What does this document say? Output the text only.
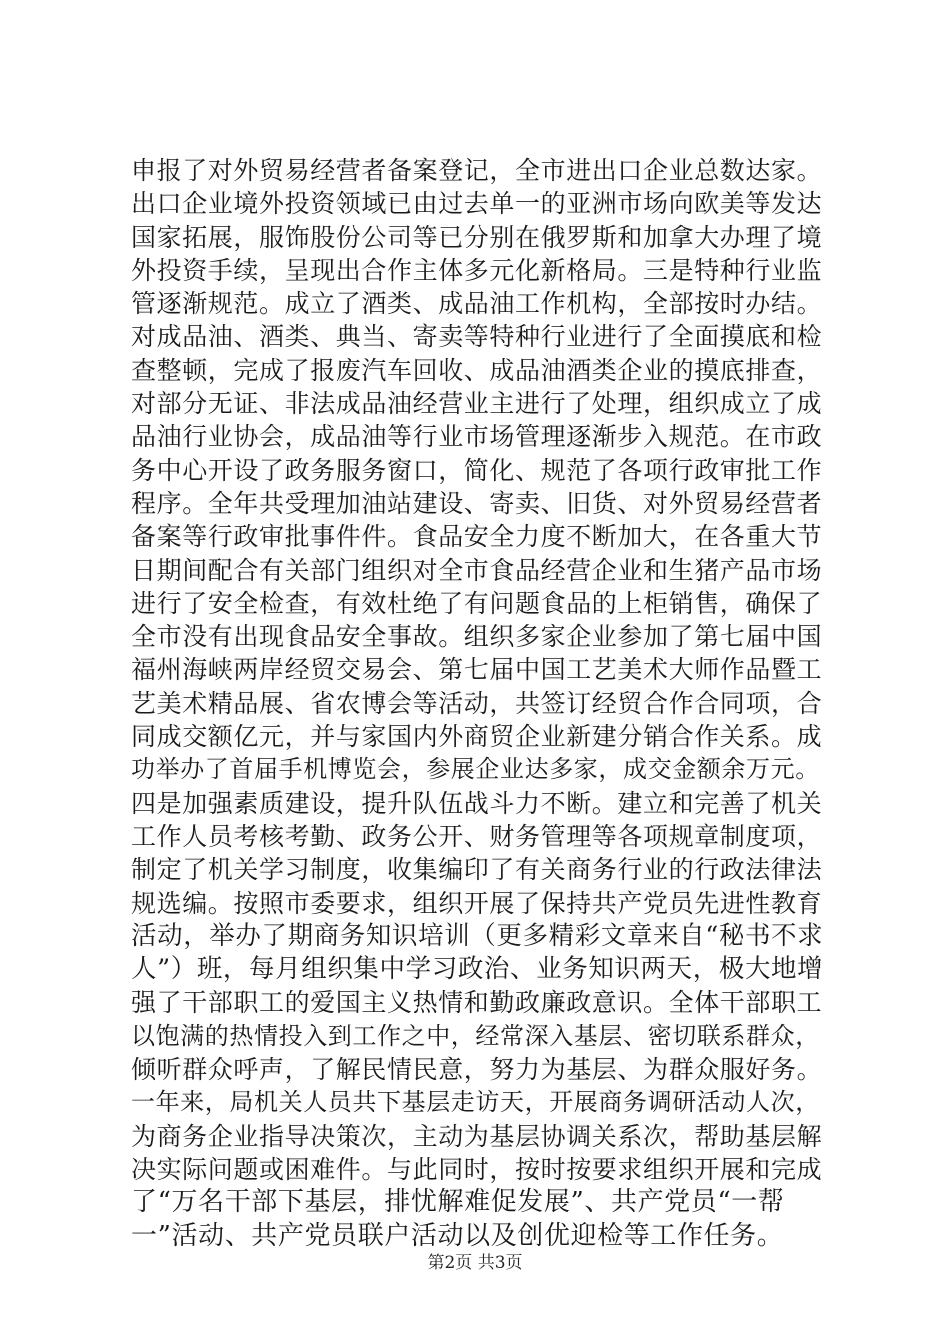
申报了对外贸易经营者备案登记，全市进出口企业总数达家。
出口企业境外投资领域已由过去单一的亚洲市场向欧美等发达
国家拓展，服饰股份公司等已分别在俄罗斯和加拿大办理了境
外投资手续，呈现出合作主体多元化新格局。三是特种行业监
管逐渐规范。成立了酒类、成品油工作机构，全部按时办结。
对成品油、酒类、典当、寄卖等特种行业进行了全面摸底和检
查整顿，完成了报废汽车回收、成品油酒类企业的摸底排查，
对部分无证、非法成品油经营业主进行了处理，组织成立了成
品油行业协会，成品油等行业市场管理逐渐步入规范。在市政
务中心开设了政务服务窗口，简化、规范了各项行政审批工作
程序。全年共受理加油站建设、寄卖、旧货、对外贸易经营者
备案等行政审批事件件。食品安全力度不断加大，在各重大节
日期间配合有关部门组织对全市食品经营企业和生猪产品市场
进行了安全检查，有效杜绝了有问题食品的上柜销售，确保了
全市没有出现食品安全事故。组织多家企业参加了第七届中国
福州海峡两岸经贸交易会、第七届中国工艺美术大师作品暨工
艺美术精品展、省农博会等活动，共签订经贸合作合同项，合
同成交额亿元，并与家国内外商贸企业新建分销合作关系。成
功举办了首届手机博览会，参展企业达多家，成交金额余万元。
四是加强素质建设，提升队伍战斗力不断。建立和完善了机关
工作人员考核考勤、政务公开、财务管理等各项规章制度项，
制定了机关学习制度，收集编印了有关商务行业的行政法律法
规选编。按照市委要求，组织开展了保持共产党员先进性教育
活动，举办了期商务知识培训（更多精彩文章来自“秘书不求
人”）班，每月组织集中学习政治、业务知识两天，极大地增
强了干部职工的爱国主义热情和勤政廉政意识。全体干部职工
以饱满的热情投入到工作之中，经常深入基层、密切联系群众，
倾听群众呼声，了解民情民意，努力为基层、为群众服好务。
一年来，局机关人员共下基层走访天，开展商务调研活动人次，
为商务企业指导决策次，主动为基层协调关系次，帮助基层解
决实际问题或困难件。与此同时，按时按要求组织开展和完成
了“万名干部下基层，排忧解难促发展”、共产党员“一帮
一”活动、共产党员联户活动以及创优迎检等工作任务。
第2页 共3页
